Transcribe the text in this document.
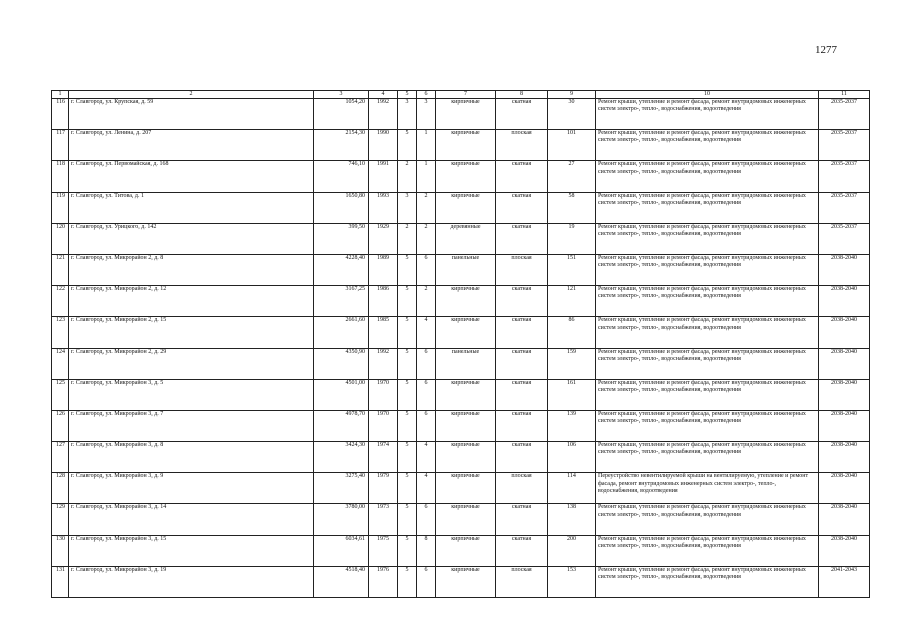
1277
1	2	3	4	5	6	7	8	9	10	11
116	г. Славгород, ул. Крупская, д. 59	1054,20	1992	3	3	кирпичные	скатная	30	Ремонт крыши, утепление и ремонт фасада, ремонт внутридомовых инженерных систем электро-, тепло-, водоснабжения, водоотведения	2035-2037
117	г. Славгород, ул. Ленина, д. 207	2154,30	1990	5	1	кирпичные	плоская	101	Ремонт крыши, утепление и ремонт фасада, ремонт внутридомовых инженерных систем электро-, тепло-, водоснабжения, водоотведения	2035-2037
118	г. Славгород, ул. Первомайская, д. 168	746,10	1991	2	1	кирпичные	скатная	27	Ремонт крыши, утепление и ремонт фасада, ремонт внутридомовых инженерных систем электро-, тепло-, водоснабжения, водоотведения	2035-2037
119	г. Славгород, ул. Титова, д. 1	1650,80	1993	3	2	кирпичные	скатная	58	Ремонт крыши, утепление и ремонт фасада, ремонт внутридомовых инженерных систем электро-, тепло-, водоснабжения, водоотведения	2035-2037
120	г. Славгород, ул. Урицкого, д. 142	399,50	1929	2	2	деревянные	скатная	19	Ремонт крыши, утепление и ремонт фасада, ремонт внутридомовых инженерных систем электро-, тепло-, водоснабжения, водоотведения	2035-2037
121	г. Славгород, ул. Микрорайон 2, д. 8	4228,40	1989	5	6	панельные	плоская	151	Ремонт крыши, утепление и ремонт фасада, ремонт внутридомовых инженерных систем электро-, тепло-, водоснабжения, водоотведения	2038-2040
122	г. Славгород, ул. Микрорайон 2, д. 12	3167,25	1986	5	2	кирпичные	скатная	121	Ремонт крыши, утепление и ремонт фасада, ремонт внутридомовых инженерных систем электро-, тепло-, водоснабжения, водоотведения	2038-2040
123	г. Славгород, ул. Микрорайон 2, д. 15	2661,60	1985	5	4	кирпичные	скатная	86	Ремонт крыши, утепление и ремонт фасада, ремонт внутридомовых инженерных систем электро-, тепло-, водоснабжения, водоотведения	2038-2040
124	г. Славгород, ул. Микрорайон 2, д. 29	4350,90	1992	5	6	панельные	скатная	159	Ремонт крыши, утепление и ремонт фасада, ремонт внутридомовых инженерных систем электро-, тепло-, водоснабжения, водоотведения	2038-2040
125	г. Славгород, ул. Микрорайон 3, д. 5	4501,00	1970	5	6	кирпичные	скатная	161	Ремонт крыши, утепление и ремонт фасада, ремонт внутридомовых инженерных систем электро-, тепло-, водоснабжения, водоотведения	2038-2040
126	г. Славгород, ул. Микрорайон 3, д. 7	4978,70	1970	5	6	кирпичные	скатная	139	Ремонт крыши, утепление и ремонт фасада, ремонт внутридомовых инженерных систем электро-, тепло-, водоснабжения, водоотведения	2038-2040
127	г. Славгород, ул. Микрорайон 3, д. 8	3424,30	1974	5	4	кирпичные	скатная	106	Ремонт крыши, утепление и ремонт фасада, ремонт внутридомовых инженерных систем электро-, тепло-, водоснабжения, водоотведения	2038-2040
128	г. Славгород, ул. Микрорайон 3, д. 9	3275,40	1979	5	4	кирпичные	плоская	114	Переустройство невентилируемой крыши на вентилируемую, утепление и ремонт фасада, ремонт внутридомовых инженерных систем электро-, тепло-, водоснабжения, водоотведения	2038-2040
129	г. Славгород, ул. Микрорайон 3, д. 14	3780,00	1973	5	6	кирпичные	скатная	138	Ремонт крыши, утепление и ремонт фасада, ремонт внутридомовых инженерных систем электро-, тепло-, водоснабжения, водоотведения	2038-2040
130	г. Славгород, ул. Микрорайон 3, д. 15	6034,61	1975	5	8	кирпичные	скатная	200	Ремонт крыши, утепление и ремонт фасада, ремонт внутридомовых инженерных систем электро-, тепло-, водоснабжения, водоотведения	2038-2040
131	г. Славгород, ул. Микрорайон 3, д. 19	4518,40	1976	5	6	кирпичные	плоская	153	Ремонт крыши, утепление и ремонт фасада, ремонт внутридомовых инженерных систем электро-, тепло-, водоснабжения, водоотведения	2041-2043
